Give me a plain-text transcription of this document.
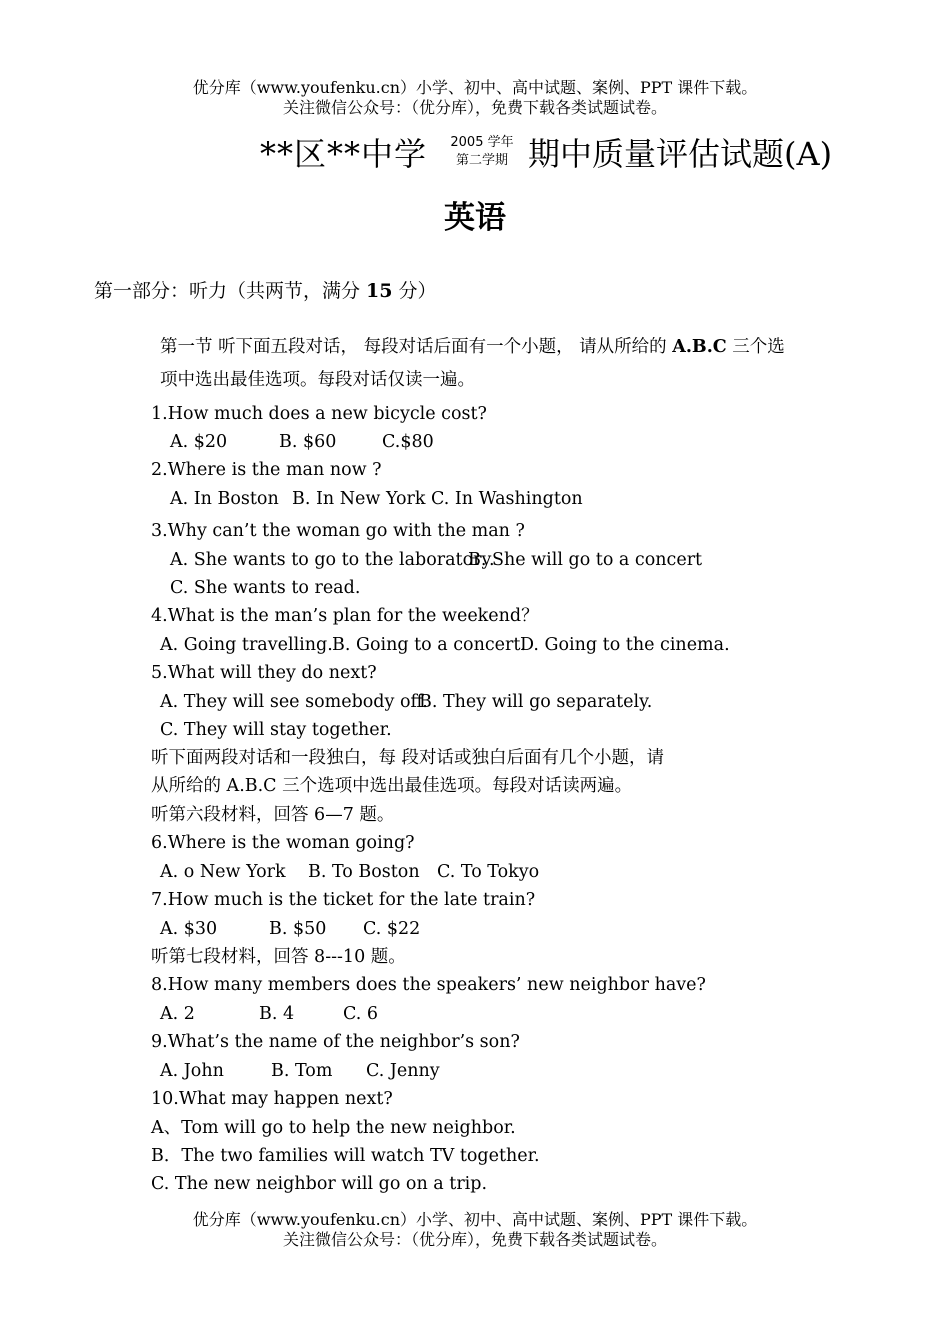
优分库（www.youfenku.cn）小学、初中、高中试题、案例、PPT 课件下载。
关注微信公众号：（优分库），免费下载各类试题试卷。
**区**中学	2005 学年
第二学期 期中质量评估试题(A)
英语
第一部分：听力（共两节，满分 15 分）
第一节 听下面五段对话， 每段对话后面有一个小题， 请从所给的 A.B.C 三个选
项中选出最佳选项。每段对话仅读一遍。
1.How much does a new bicycle cost?
A. $20	B. $60	C.$80
2.Where is the man now ?
A. In Boston B. In New York C. In Washington
3.Why can’t the woman go with the man ?
A. She wants to go to the laboratory.B. She will go to a concert
C. She wants to read.
4.What is the man’s plan for the weekend？
A. Going travelling.B. Going to a concert.D. Going to the cinema.
5.What will they do next?
A. They will see somebody off.B. They will go separately.
C. They will stay together.
听下面两段对话和一段独白，每 段对话或独白后面有几个小题，请
从所给的 A.B.C 三个选项中选出最佳选项。每段对话读两遍。
听第六段材料，回答 6—7 题。
6.Where is the woman going?
A. o New York B. To Boston C. To Tokyo
7.How much is the ticket for the late train?
A. $30	B. $50 C. $22
听第七段材料，回答 8---10 题。
8.How many members does the speakers’ new neighbor have?
A. 2	B. 4	C. 6
9.What’s the name of the neighbor’s son?
A. John	B. Tom C. Jenny
10.What may happen next?
A、Tom will go to help the new neighbor.
B．The two families will watch TV together.
C. The new neighbor will go on a trip.
优分库（www.youfenku.cn）小学、初中、高中试题、案例、PPT 课件下载。
关注微信公众号：（优分库），免费下载各类试题试卷。
